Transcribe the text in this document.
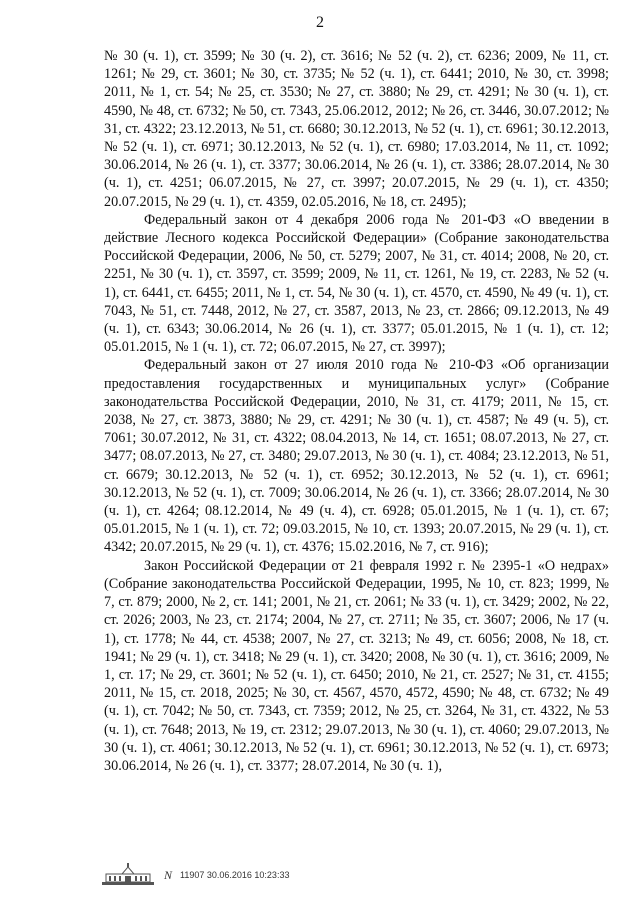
2

№ 30 (ч. 1), ст. 3599; № 30 (ч. 2), ст. 3616; № 52 (ч. 2), ст. 6236; 2009, № 11, ст. 1261; № 29, ст. 3601; № 30, ст. 3735; № 52 (ч. 1), ст. 6441; 2010, № 30, ст. 3998; 2011, № 1, ст. 54; № 25, ст. 3530; № 27, ст. 3880; № 29, ст. 4291; № 30 (ч. 1), ст. 4590, № 48, ст. 6732; № 50, ст. 7343, 25.06.2012, 2012; № 26, ст. 3446, 30.07.2012; № 31, ст. 4322; 23.12.2013, № 51, ст. 6680; 30.12.2013, № 52 (ч. 1), ст. 6961; 30.12.2013, № 52 (ч. 1), ст. 6971; 30.12.2013, № 52 (ч. 1), ст. 6980; 17.03.2014, № 11, ст. 1092; 30.06.2014, № 26 (ч. 1), ст. 3377; 30.06.2014, № 26 (ч. 1), ст. 3386; 28.07.2014, № 30 (ч. 1), ст. 4251; 06.07.2015, № 27, ст. 3997; 20.07.2015, № 29 (ч. 1), ст. 4350; 20.07.2015, № 29 (ч. 1), ст. 4359, 02.05.2016, № 18, ст. 2495);

Федеральный закон от 4 декабря 2006 года № 201-ФЗ «О введении в действие Лесного кодекса Российской Федерации» (Собрание законодательства Российской Федерации, 2006, № 50, ст. 5279; 2007, № 31, ст. 4014; 2008, № 20, ст. 2251, № 30 (ч. 1), ст. 3597, ст. 3599; 2009, № 11, ст. 1261, № 19, ст. 2283, № 52 (ч. 1), ст. 6441, ст. 6455; 2011, № 1, ст. 54, № 30 (ч. 1), ст. 4570, ст. 4590, № 49 (ч. 1), ст. 7043, № 51, ст. 7448, 2012, № 27, ст. 3587, 2013, № 23, ст. 2866; 09.12.2013, № 49 (ч. 1), ст. 6343; 30.06.2014, № 26 (ч. 1), ст. 3377; 05.01.2015, № 1 (ч. 1), ст. 12; 05.01.2015, № 1 (ч. 1), ст. 72; 06.07.2015, № 27, ст. 3997);

Федеральный закон от 27 июля 2010 года № 210-ФЗ «Об организации предоставления государственных и муниципальных услуг» (Собрание законодательства Российской Федерации, 2010, № 31, ст. 4179; 2011, № 15, ст. 2038, № 27, ст. 3873, 3880; № 29, ст. 4291; № 30 (ч. 1), ст. 4587; № 49 (ч. 5), ст. 7061; 30.07.2012, № 31, ст. 4322; 08.04.2013, № 14, ст. 1651; 08.07.2013, № 27, ст. 3477; 08.07.2013, № 27, ст. 3480; 29.07.2013, № 30 (ч. 1), ст. 4084; 23.12.2013, № 51, ст. 6679; 30.12.2013, № 52 (ч. 1), ст. 6952; 30.12.2013, № 52 (ч. 1), ст. 6961; 30.12.2013, № 52 (ч. 1), ст. 7009; 30.06.2014, № 26 (ч. 1), ст. 3366; 28.07.2014, № 30 (ч. 1), ст. 4264; 08.12.2014, № 49 (ч. 4), ст. 6928; 05.01.2015, № 1 (ч. 1), ст. 67; 05.01.2015, № 1 (ч. 1), ст. 72; 09.03.2015, № 10, ст. 1393; 20.07.2015, № 29 (ч. 1), ст. 4342; 20.07.2015, № 29 (ч. 1), ст. 4376; 15.02.2016, № 7, ст. 916);

Закон Российской Федерации от 21 февраля 1992 г. № 2395-1 «О недрах» (Собрание законодательства Российской Федерации, 1995, № 10, ст. 823; 1999, № 7, ст. 879; 2000, № 2, ст. 141; 2001, № 21, ст. 2061; № 33 (ч. 1), ст. 3429; 2002, № 22, ст. 2026; 2003, № 23, ст. 2174; 2004, № 27, ст. 2711; № 35, ст. 3607; 2006, № 17 (ч. 1), ст. 1778; № 44, ст. 4538; 2007, № 27, ст. 3213; № 49, ст. 6056; 2008, № 18, ст. 1941; № 29 (ч. 1), ст. 3418; № 29 (ч. 1), ст. 3420; 2008, № 30 (ч. 1), ст. 3616; 2009, № 1, ст. 17; № 29, ст. 3601; № 52 (ч. 1), ст. 6450; 2010, № 21, ст. 2527; № 31, ст. 4155; 2011, № 15, ст. 2018, 2025; № 30, ст. 4567, 4570, 4572, 4590; № 48, ст. 6732; № 49 (ч. 1), ст. 7042; № 50, ст. 7343, ст. 7359; 2012, № 25, ст. 3264, № 31, ст. 4322, № 53 (ч. 1), ст. 7648; 2013, № 19, ст. 2312; 29.07.2013, № 30 (ч. 1), ст. 4060; 29.07.2013, № 30 (ч. 1), ст. 4061; 30.12.2013, № 52 (ч. 1), ст. 6961; 30.12.2013, № 52 (ч. 1), ст. 6973; 30.06.2014, № 26 (ч. 1), ст. 3377; 28.07.2014, № 30 (ч. 1),

N 11907 30.06.2016 10:23:33
